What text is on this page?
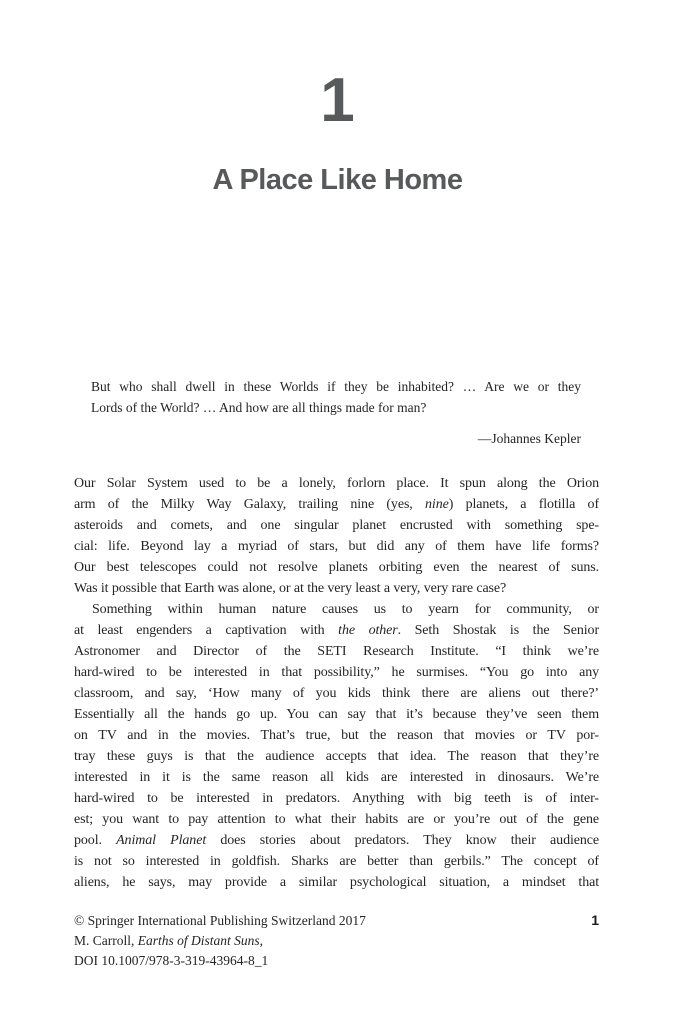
1
A Place Like Home
But who shall dwell in these Worlds if they be inhabited? … Are we or they
Lords of the World? … And how are all things made for man?
—Johannes Kepler
Our Solar System used to be a lonely, forlorn place. It spun along the Orion
arm of the Milky Way Galaxy, trailing nine (yes, nine) planets, a flotilla of
asteroids and comets, and one singular planet encrusted with something spe-
cial: life. Beyond lay a myriad of stars, but did any of them have life forms?
Our best telescopes could not resolve planets orbiting even the nearest of suns.
Was it possible that Earth was alone, or at the very least a very, very rare case?
Something within human nature causes us to yearn for community, or
at least engenders a captivation with the other. Seth Shostak is the Senior
Astronomer and Director of the SETI Research Institute. “I think we’re
hard-wired to be interested in that possibility,” he surmises. “You go into any
classroom, and say, ‘How many of you kids think there are aliens out there?’
Essentially all the hands go up. You can say that it’s because they’ve seen them
on TV and in the movies. That’s true, but the reason that movies or TV por-
tray these guys is that the audience accepts that idea. The reason that they’re
interested in it is the same reason all kids are interested in dinosaurs. We’re
hard-wired to be interested in predators. Anything with big teeth is of inter-
est; you want to pay attention to what their habits are or you’re out of the gene
pool. Animal Planet does stories about predators. They know their audience
is not so interested in goldfish. Sharks are better than gerbils.” The concept of
aliens, he says, may provide a similar psychological situation, a mindset that
© Springer International Publishing Switzerland 2017	1
M. Carroll, Earths of Distant Suns,
DOI 10.1007/978-3-319-43964-8_1
